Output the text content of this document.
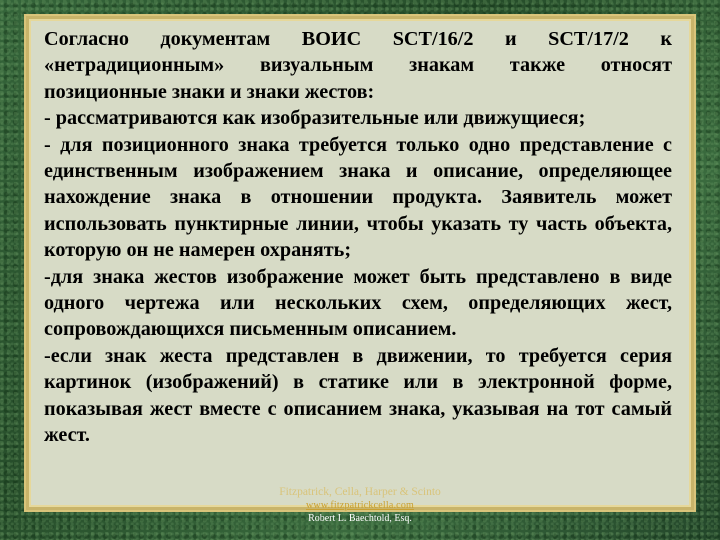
Согласно документам ВОИС SCT/16/2 и SCT/17/2 к «нетрадиционным» визуальным знакам также относят позиционные знаки и знаки жестов:

- рассматриваются как изобразительные или движущиеся;

- для позиционного знака требуется только одно представление с единственным изображением знака и описание, определяющее нахождение знака в отношении продукта. Заявитель может использовать пунктирные линии, чтобы указать ту часть объекта, которую он не намерен охранять;

-для знака жестов изображение может быть представлено в виде одного чертежа или нескольких схем, определяющих жест, сопровождающихся письменным описанием.

-если знак жеста представлен в движении, то требуется серия картинок (изображений) в статике или в электронной форме, показывая жест вместе с описанием знака, указывая на тот самый жест.

Fitzpatrick, Cella, Harper & Scinto
www.fitzpatrickcella.com
Robert L. Baechtold, Esq.
